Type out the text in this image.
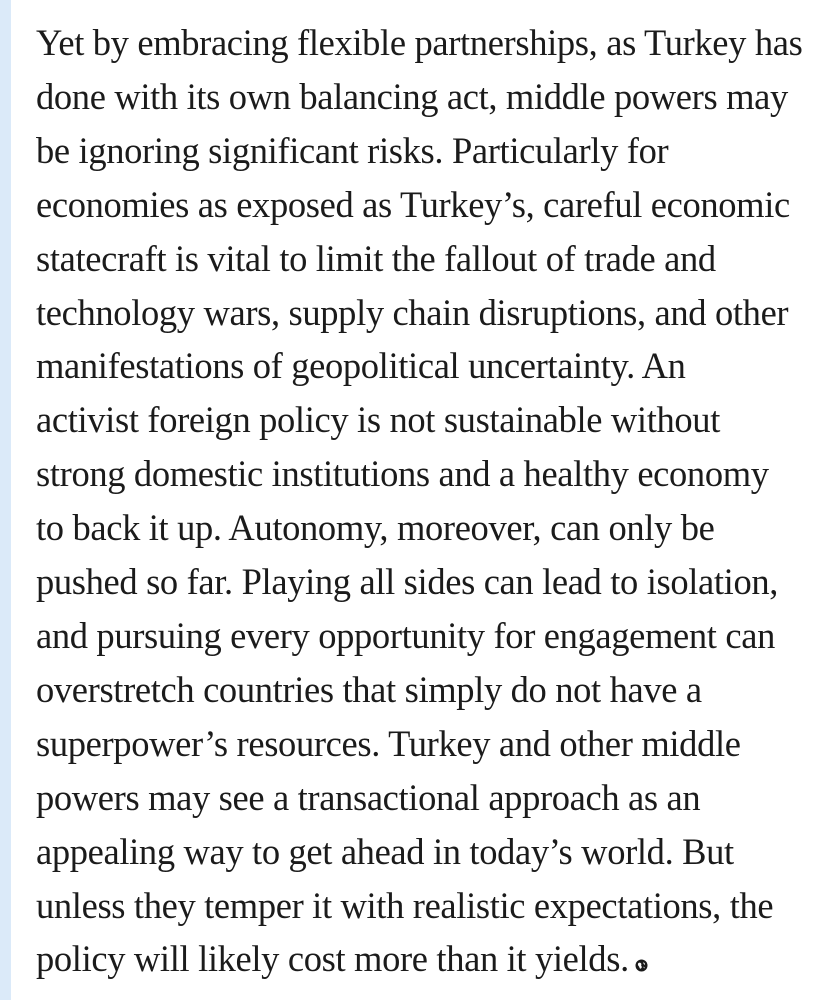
Yet by embracing flexible partnerships, as Turkey has
done with its own balancing act, middle powers may
be ignoring significant risks. Particularly for
economies as exposed as Turkey’s, careful economic
statecraft is vital to limit the fallout of trade and
technology wars, supply chain disruptions, and other
manifestations of geopolitical uncertainty. An
activist foreign policy is not sustainable without
strong domestic institutions and a healthy economy
to back it up. Autonomy, moreover, can only be
pushed so far. Playing all sides can lead to isolation,
and pursuing every opportunity for engagement can
overstretch countries that simply do not have a
superpower’s resources. Turkey and other middle
powers may see a transactional approach as an
appealing way to get ahead in today’s world. But
unless they temper it with realistic expectations, the
policy will likely cost more than it yields.
